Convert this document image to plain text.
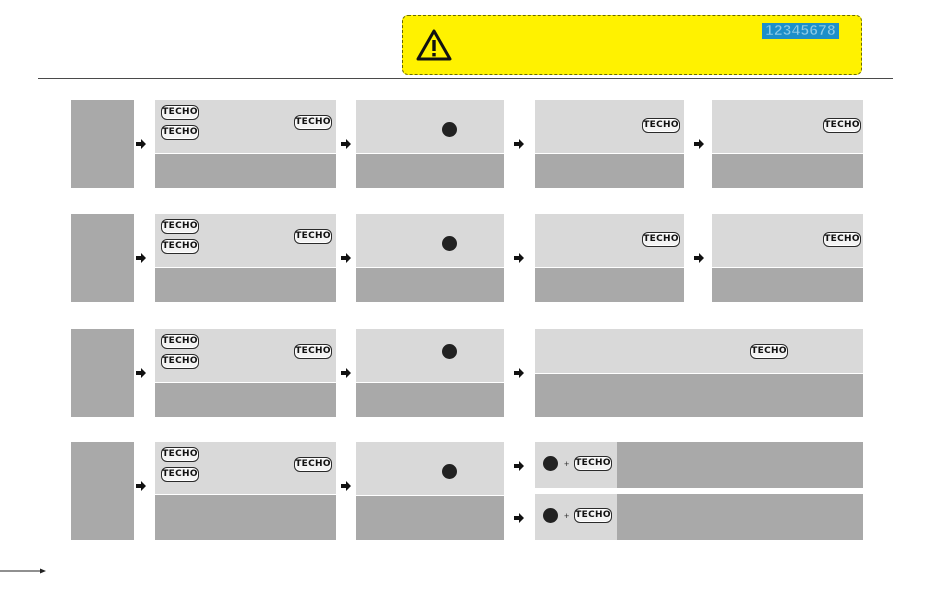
12345678
TECHO
TECHO
TECHO	TECHO	TECHO
TECHO
TECHO
TECHO	TECHO	TECHO
TECHO
TECHO
TECHO	TECHO
TECHO
TECHO
TECHO	+ TECHO
+ TECHO
